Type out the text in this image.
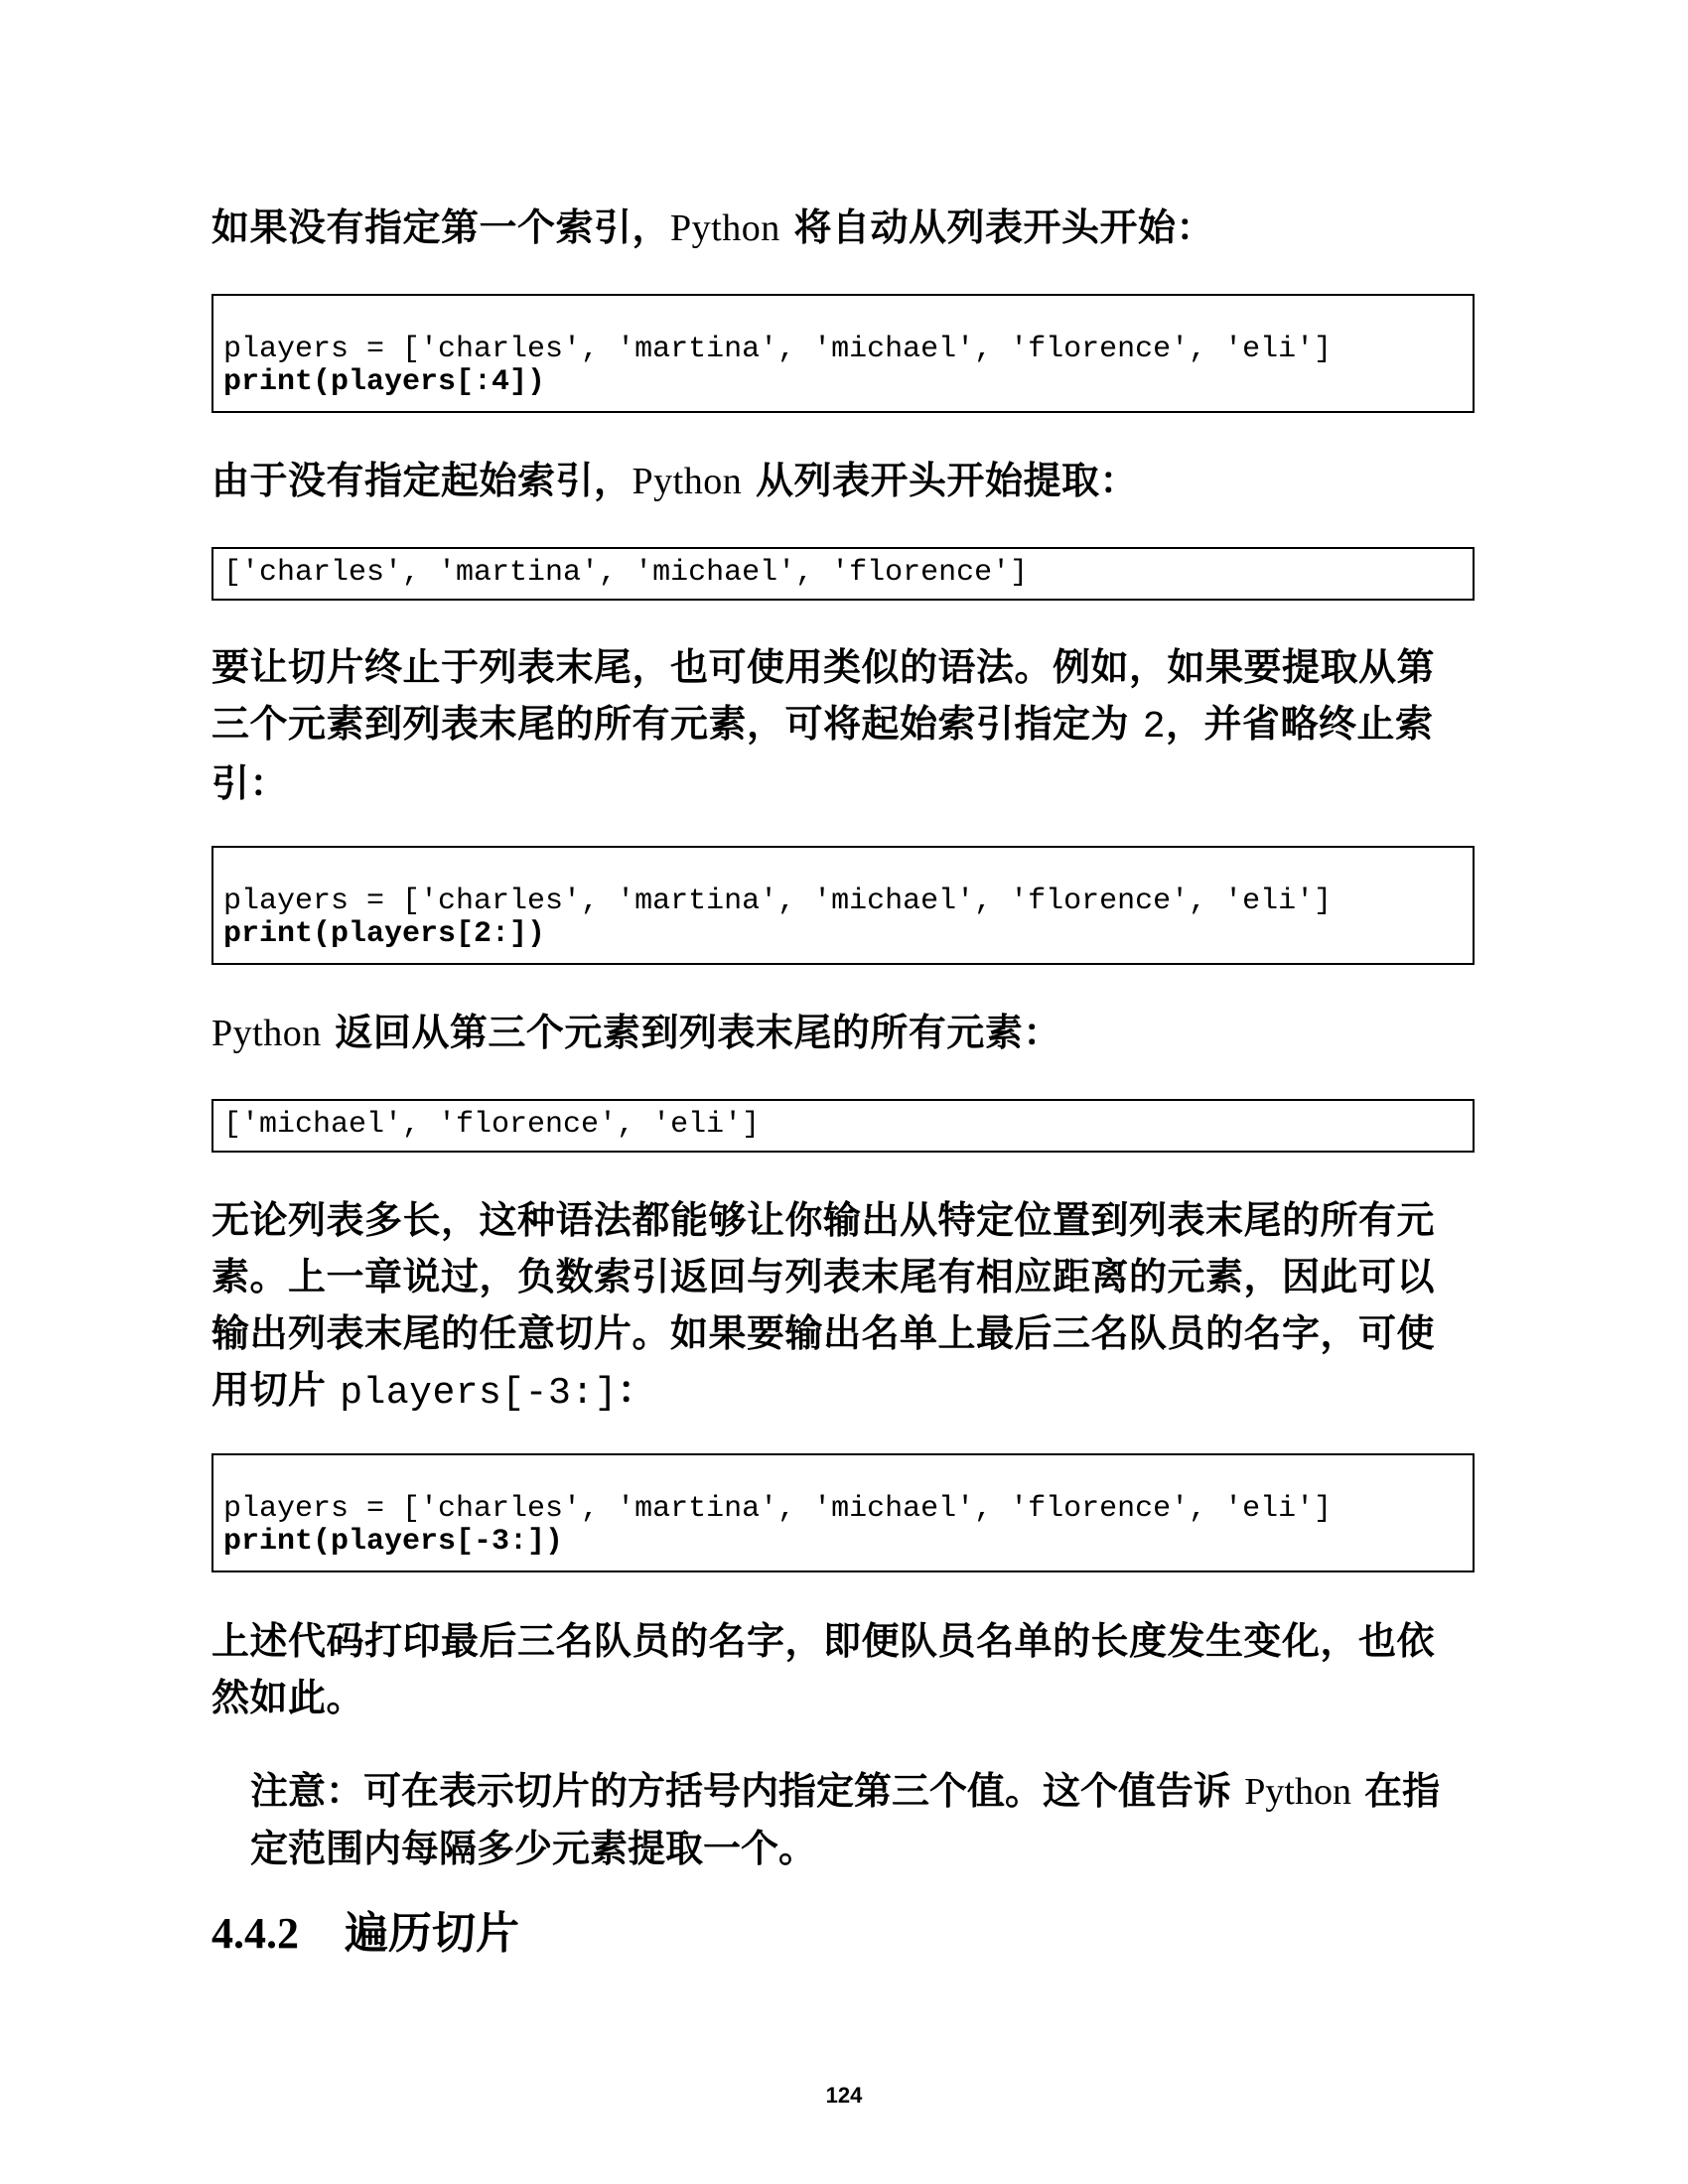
如果没有指定第一个索引，Python 将自动从列表开头开始：

players = ['charles', 'martina', 'michael', 'florence', 'eli']
print(players[:4])

由于没有指定起始索引，Python 从列表开头开始提取：

['charles', 'martina', 'michael', 'florence']

要让切片终止于列表末尾，也可使用类似的语法。例如，如果要提取从第三个元素到列表末尾的所有元素，可将起始索引指定为 2，并省略终止索引：

players = ['charles', 'martina', 'michael', 'florence', 'eli']
print(players[2:])

Python 返回从第三个元素到列表末尾的所有元素：

['michael', 'florence', 'eli']

无论列表多长，这种语法都能够让你输出从特定位置到列表末尾的所有元素。上一章说过，负数索引返回与列表末尾有相应距离的元素，因此可以输出列表末尾的任意切片。如果要输出名单上最后三名队员的名字，可使用切片 players[-3:]：

players = ['charles', 'martina', 'michael', 'florence', 'eli']
print(players[-3:])

上述代码打印最后三名队员的名字，即便队员名单的长度发生变化，也依然如此。

注意：可在表示切片的方括号内指定第三个值。这个值告诉 Python 在指定范围内每隔多少元素提取一个。

4.4.2 遍历切片
124
